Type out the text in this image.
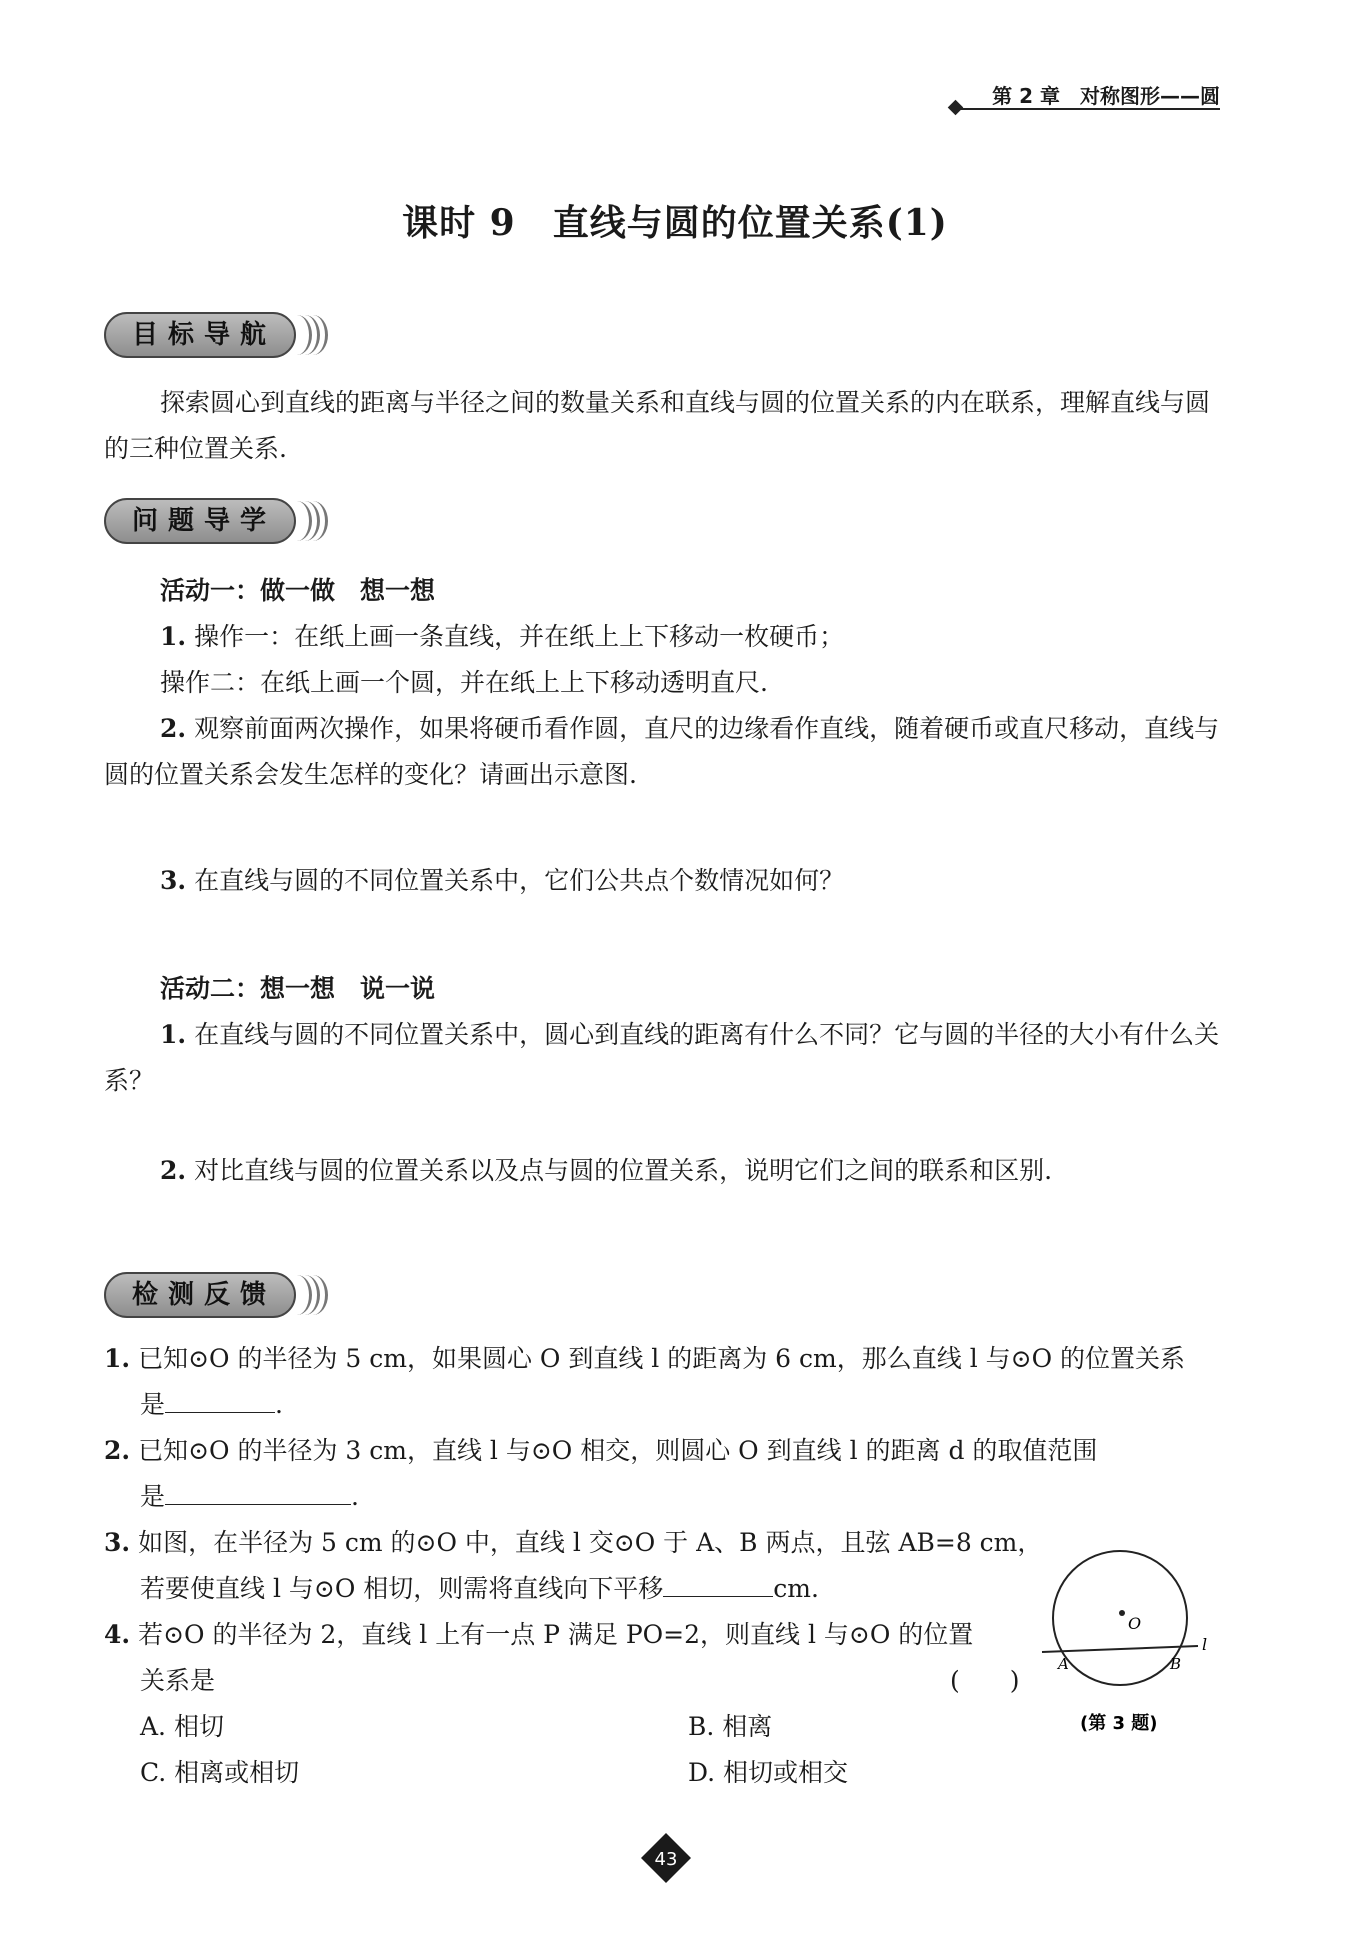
第 2 章　对称图形——圆
课时 9　直线与圆的位置关系(1)
目标导航
探索圆心到直线的距离与半径之间的数量关系和直线与圆的位置关系的内在联系，理解直线与圆的三种位置关系.
问题导学
活动一：做一做　想一想
1. 操作一：在纸上画一条直线，并在纸上上下移动一枚硬币；
操作二：在纸上画一个圆，并在纸上上下移动透明直尺.
2. 观察前面两次操作，如果将硬币看作圆，直尺的边缘看作直线，随着硬币或直尺移动，直线与圆的位置关系会发生怎样的变化？请画出示意图.
3. 在直线与圆的不同位置关系中，它们公共点个数情况如何？
活动二：想一想　说一说
1. 在直线与圆的不同位置关系中，圆心到直线的距离有什么不同？它与圆的半径的大小有什么关系？
2. 对比直线与圆的位置关系以及点与圆的位置关系，说明它们之间的联系和区别.
检测反馈
1. 已知⊙O 的半径为 5 cm，如果圆心 O 到直线 l 的距离为 6 cm，那么直线 l 与⊙O 的位置关系
是	.
2. 已知⊙O 的半径为 3 cm，直线 l 与⊙O 相交，则圆心 O 到直线 l 的距离 d 的取值范围
是	.
3. 如图，在半径为 5 cm 的⊙O 中，直线 l 交⊙O 于 A、B 两点，且弦 AB=8 cm，
若要使直线 l 与⊙O 相切，则需将直线向下平移	cm.
4. 若⊙O 的半径为 2，直线 l 上有一点 P 满足 PO=2，则直线 l 与⊙O 的位置
关系是	(　　)
A. 相切	B. 相离
C. 相离或相切	D. 相切或相交
O
A	B
l
(第 3 题)
43
